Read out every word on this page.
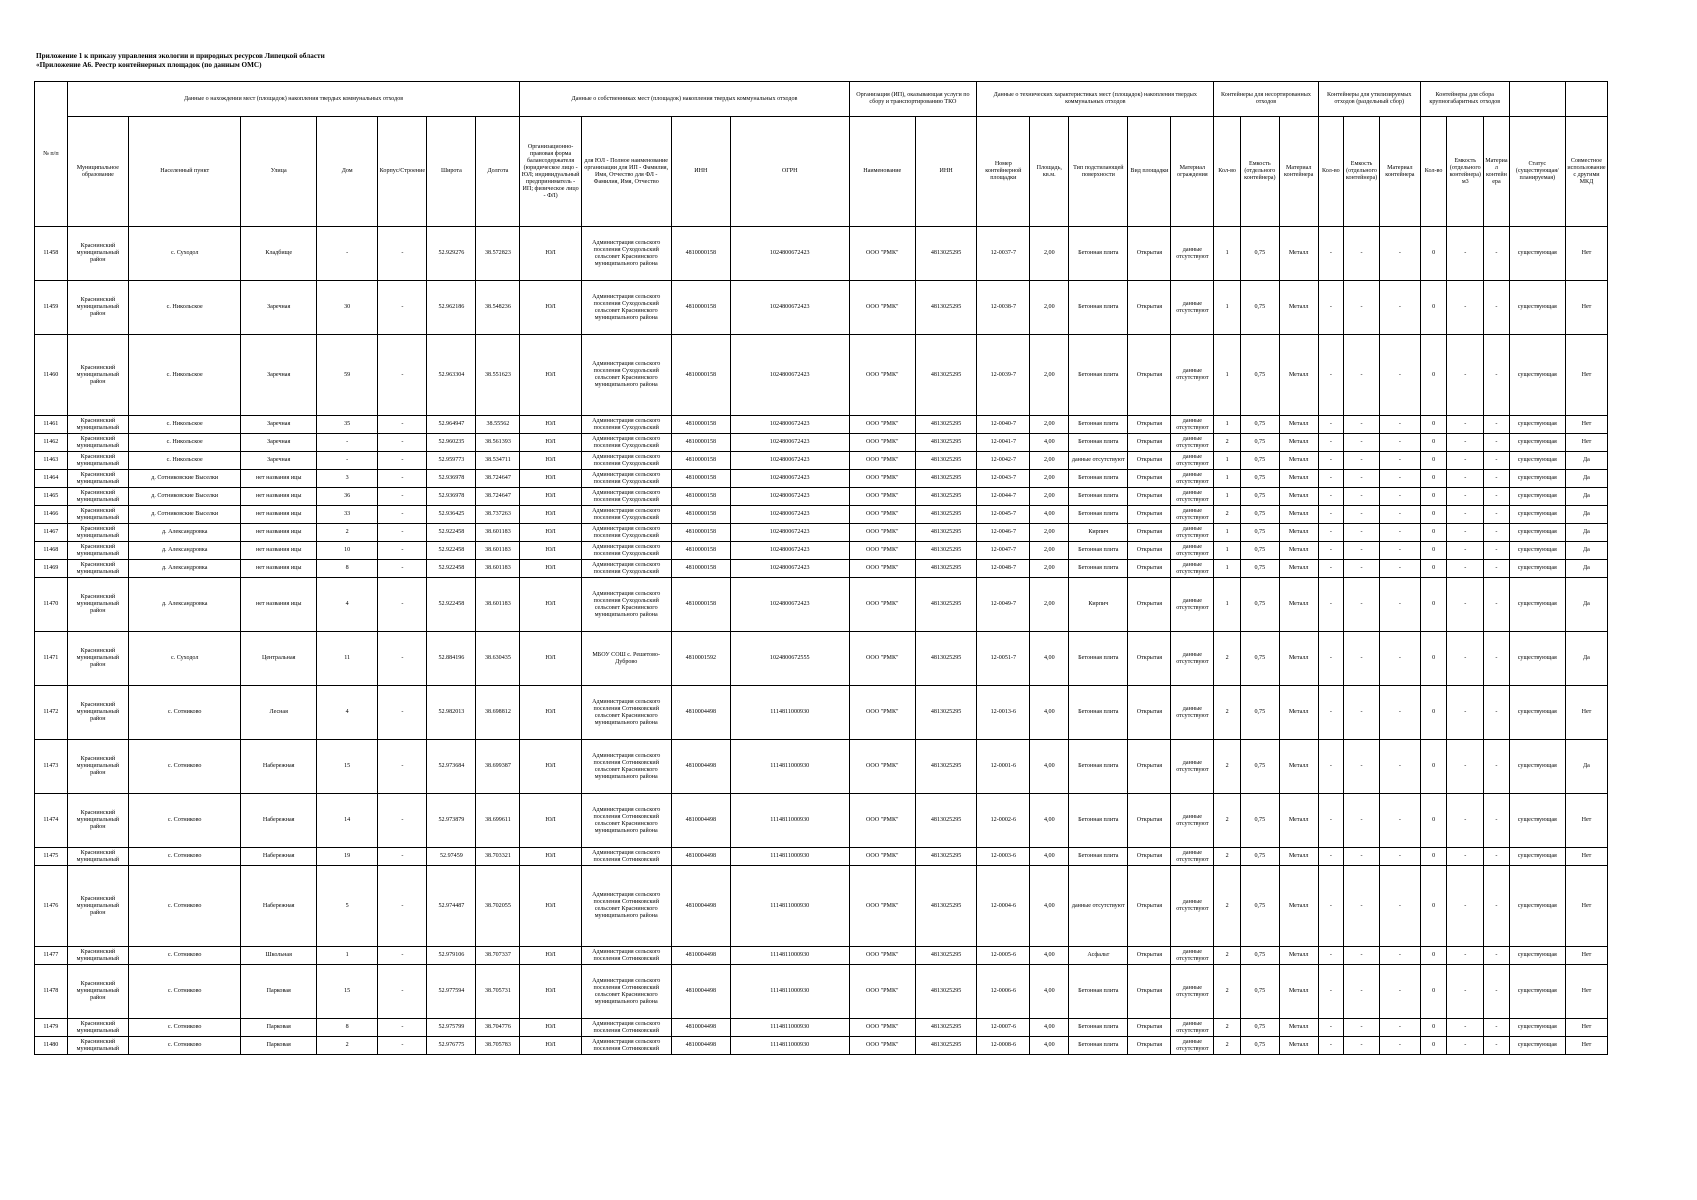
Приложение 1 к приказу управления экологии и природных ресурсов Липецкой области
«Приложение А6. Реестр контейнерных площадок (по данным ОМС)
№ п/п	Данные о нахождении мест (площадок) накопления твердых коммунальных отходов							Данные о собственниках мест (площадок) накопления твердых коммунальных отходов				Организация (ИП), оказывающая услуги по сбору и транспортированию ТКО		Данные о технических характеристиках мест (площадок) накопления твердых коммунальных отходов					Контейнеры для несортированных отходов			Контейнеры для утилизируемых отходов (раздельный сбор)			Контейнеры для сбора крупногабаритных отходов				
	Муниципальное образование	Населенный пункт	Улица	Дом	Корпус/Строение	Широта	Долгота	Организационно-правовая форма балансодержателя (юридическое лицо - ЮЛ; индивидуальный предприниматель - ИП; физическое лицо - ФЛ)	для ЮЛ - Полное наименование организации для ИП - Фамилия, Имя, Отчество для ФЛ - Фамилия, Имя, Отчество	ИНН	ОГРН	Наименование	ИНН	Номер контейнерной площадки	Площадь, кв.м.	Тип подстилающей поверхности	Вид площадки	Материал ограждения	Кол-во	Емкость (отдельного контейнера)	Материал контейнера	Кол-во	Емкость (отдельного контейнера)	Материал контейнера	Кол-во	Емкость (отдельного контейнера) м3	Материал контейнера	Статус (существующая/ планируемая)	Совместное использование с другими МКД
11458	Краснинский муниципальный район	с. Суходол	Кладбище	-	-	52.929276	38.572823	ЮЛ	Администрация сельского поселения Суходольский сельсовет Краснинского муниципального района	4810000158	1024800672423	ООО "РМК"	4813025295	12-0037-7	2,00	Бетонная плита	Открытая	данные отсутствуют	1	0,75	Металл	-	-	-	0	-	-	существующая	Нет
11459	Краснинский муниципальный район	с. Никольское	Заречная	30	-	52.962186	38.548236	ЮЛ	Администрация сельского поселения Суходольский сельсовет Краснинского муниципального района	4810000158	1024800672423	ООО "РМК"	4813025295	12-0038-7	2,00	Бетонная плита	Открытая	данные отсутствуют	1	0,75	Металл	-	-	-	0	-	-	существующая	Нет
11460	Краснинский муниципальный район	с. Никольское	Заречная	59	-	52.963304	38.551623	ЮЛ	Администрация сельского поселения Суходольский сельсовет Краснинского муниципального района	4810000158	1024800672423	ООО "РМК"	4813025295	12-0039-7	2,00	Бетонная плита	Открытая	данные отсутствуют	1	0,75	Металл	-	-	-	0	-	-	существующая	Нет
11461	Краснинский муниципальный	с. Никольское	Заречная	35	-	52.964947	38.55562	ЮЛ	Администрация сельского поселения Суходольский	4810000158	1024800672423	ООО "РМК"	4813025295	12-0040-7	2,00	Бетонная плита	Открытая	данные отсутствуют	1	0,75	Металл	-	-	-	0	-	-	существующая	Нет
11462	Краснинский муниципальный	с. Никольское	Заречная	-	-	52.960235	38.561393	ЮЛ	Администрация сельского поселения Суходольский	4810000158	1024800672423	ООО "РМК"	4813025295	12-0041-7	4,00	Бетонная плита	Открытая	данные отсутствуют	2	0,75	Металл	-	-	-	0	-	-	существующая	Нет
11463	Краснинский муниципальный	с. Никольское	Заречная	-	-	52.959773	38.534711	ЮЛ	Администрация сельского поселения Суходольский	4810000158	1024800672423	ООО "РМК"	4813025295	12-0042-7	2,00	данные отсутствуют	Открытая	данные отсутствуют	1	0,75	Металл	-	-	-	0	-	-	существующая	Да
11464	Краснинский муниципальный	д. Сотниковские Выселки	нет названия ицы	3	-	52.936978	38.724647	ЮЛ	Администрация сельского поселения Суходольский	4810000158	1024800672423	ООО "РМК"	4813025295	12-0043-7	2,00	Бетонная плита	Открытая	данные отсутствуют	1	0,75	Металл	-	-	-	0	-	-	существующая	Да
11465	Краснинский муниципальный	д. Сотниковские Выселки	нет названия ицы	36	-	52.936978	38.724647	ЮЛ	Администрация сельского поселения Суходольский	4810000158	1024800672423	ООО "РМК"	4813025295	12-0044-7	2,00	Бетонная плита	Открытая	данные отсутствуют	1	0,75	Металл	-	-	-	0	-	-	существующая	Да
11466	Краснинский муниципальный	д. Сотниковские Выселки	нет названия ицы	33	-	52.936425	38.737263	ЮЛ	Администрация сельского поселения Суходольский	4810000158	1024800672423	ООО "РМК"	4813025295	12-0045-7	4,00	Бетонная плита	Открытая	данные отсутствуют	2	0,75	Металл	-	-	-	0	-	-	существующая	Да
11467	Краснинский муниципальный	д. Александровка	нет названия ицы	2	-	52.922458	38.601183	ЮЛ	Администрация сельского поселения Суходольский	4810000158	1024800672423	ООО "РМК"	4813025295	12-0046-7	2,00	Кирпич	Открытая	данные отсутствуют	1	0,75	Металл	-	-	-	0	-	-	существующая	Да
11468	Краснинский муниципальный	д. Александровка	нет названия ицы	10	-	52.922458	38.601183	ЮЛ	Администрация сельского поселения Суходольский	4810000158	1024800672423	ООО "РМК"	4813025295	12-0047-7	2,00	Бетонная плита	Открытая	данные отсутствуют	1	0,75	Металл	-	-	-	0	-	-	существующая	Да
11469	Краснинский муниципальный	д. Александровка	нет названия ицы	8	-	52.922458	38.601183	ЮЛ	Администрация сельского поселения Суходольский	4810000158	1024800672423	ООО "РМК"	4813025295	12-0048-7	2,00	Бетонная плита	Открытая	данные отсутствуют	1	0,75	Металл	-	-	-	0	-	-	существующая	Да
11470	Краснинский муниципальный район	д. Александровка	нет названия ицы	4	-	52.922458	38.601183	ЮЛ	Администрация сельского поселения Суходольский сельсовет Краснинского муниципального района	4810000158	1024800672423	ООО "РМК"	4813025295	12-0049-7	2,00	Кирпич	Открытая	данные отсутствуют	1	0,75	Металл	-	-	-	0	-	-	существующая	Да
11471	Краснинский муниципальный район	с. Суходол	Центральная	11	-	52.884196	38.630435	ЮЛ	МБОУ СОШ с. Решетово-Дуброво	4810001592	1024800672555	ООО "РМК"	4813025295	12-0051-7	4,00	Бетонная плита	Открытая	данные отсутствуют	2	0,75	Металл	-	-	-	0	-	-	существующая	Да
11472	Краснинский муниципальный район	с. Сотниково	Лесная	4	-	52.982013	38.698812	ЮЛ	Администрация сельского поселения Сотниковский сельсовет Краснинского муниципального района	4810004498	1114811000930	ООО "РМК"	4813025295	12-0013-6	4,00	Бетонная плита	Открытая	данные отсутствуют	2	0,75	Металл	-	-	-	0	-	-	существующая	Нет
11473	Краснинский муниципальный район	с. Сотниково	Набережная	15	-	52.973684	38.699387	ЮЛ	Администрация сельского поселения Сотниковский сельсовет Краснинского муниципального района	4810004498	1114811000930	ООО "РМК"	4813025295	12-0001-6	4,00	Бетонная плита	Открытая	данные отсутствуют	2	0,75	Металл	-	-	-	0	-	-	существующая	Да
11474	Краснинский муниципальный район	с. Сотниково	Набережная	14	-	52.973879	38.699611	ЮЛ	Администрация сельского поселения Сотниковский сельсовет Краснинского муниципального района	4810004498	1114811000930	ООО "РМК"	4813025295	12-0002-6	4,00	Бетонная плита	Открытая	данные отсутствуют	2	0,75	Металл	-	-	-	0	-	-	существующая	Нет
11475	Краснинский муниципальный	с. Сотниково	Набережная	19	-	52.97459	38.703321	ЮЛ	Администрация сельского поселения Сотниковский	4810004498	1114811000930	ООО "РМК"	4813025295	12-0003-6	4,00	Бетонная плита	Открытая	данные отсутствуют	2	0,75	Металл	-	-	-	0	-	-	существующая	Нет
11476	Краснинский муниципальный район	с. Сотниково	Набережная	5	-	52.974487	38.702055	ЮЛ	Администрация сельского поселения Сотниковский сельсовет Краснинского муниципального района	4810004498	1114811000930	ООО "РМК"	4813025295	12-0004-6	4,00	данные отсутствуют	Открытая	данные отсутствуют	2	0,75	Металл	-	-	-	0	-	-	существующая	Нет
11477	Краснинский муниципальный	с. Сотниково	Школьная	1	-	52.979106	38.707337	ЮЛ	Администрация сельского поселения Сотниковский	4810004498	1114811000930	ООО "РМК"	4813025295	12-0005-6	4,00	Асфальт	Открытая	данные отсутствуют	2	0,75	Металл	-	-	-	0	-	-	существующая	Нет
11478	Краснинский муниципальный район	с. Сотниково	Парковая	15	-	52.977594	38.705731	ЮЛ	Администрация сельского поселения Сотниковский сельсовет Краснинского муниципального района	4810004498	1114811000930	ООО "РМК"	4813025295	12-0006-6	4,00	Бетонная плита	Открытая	данные отсутствуют	2	0,75	Металл	-	-	-	0	-	-	существующая	Нет
11479	Краснинский муниципальный	с. Сотниково	Парковая	8	-	52.975799	38.704776	ЮЛ	Администрация сельского поселения Сотниковский	4810004498	1114811000930	ООО "РМК"	4813025295	12-0007-6	4,00	Бетонная плита	Открытая	данные отсутствуют	2	0,75	Металл	-	-	-	0	-	-	существующая	Нет
11480	Краснинский муниципальный	с. Сотниково	Парковая	2	-	52.976775	38.705783	ЮЛ	Администрация сельского поселения Сотниковский	4810004498	1114811000930	ООО "РМК"	4813025295	12-0008-6	4,00	Бетонная плита	Открытая	данные отсутствуют	2	0,75	Металл	-	-	-	0	-	-	существующая	Нет
